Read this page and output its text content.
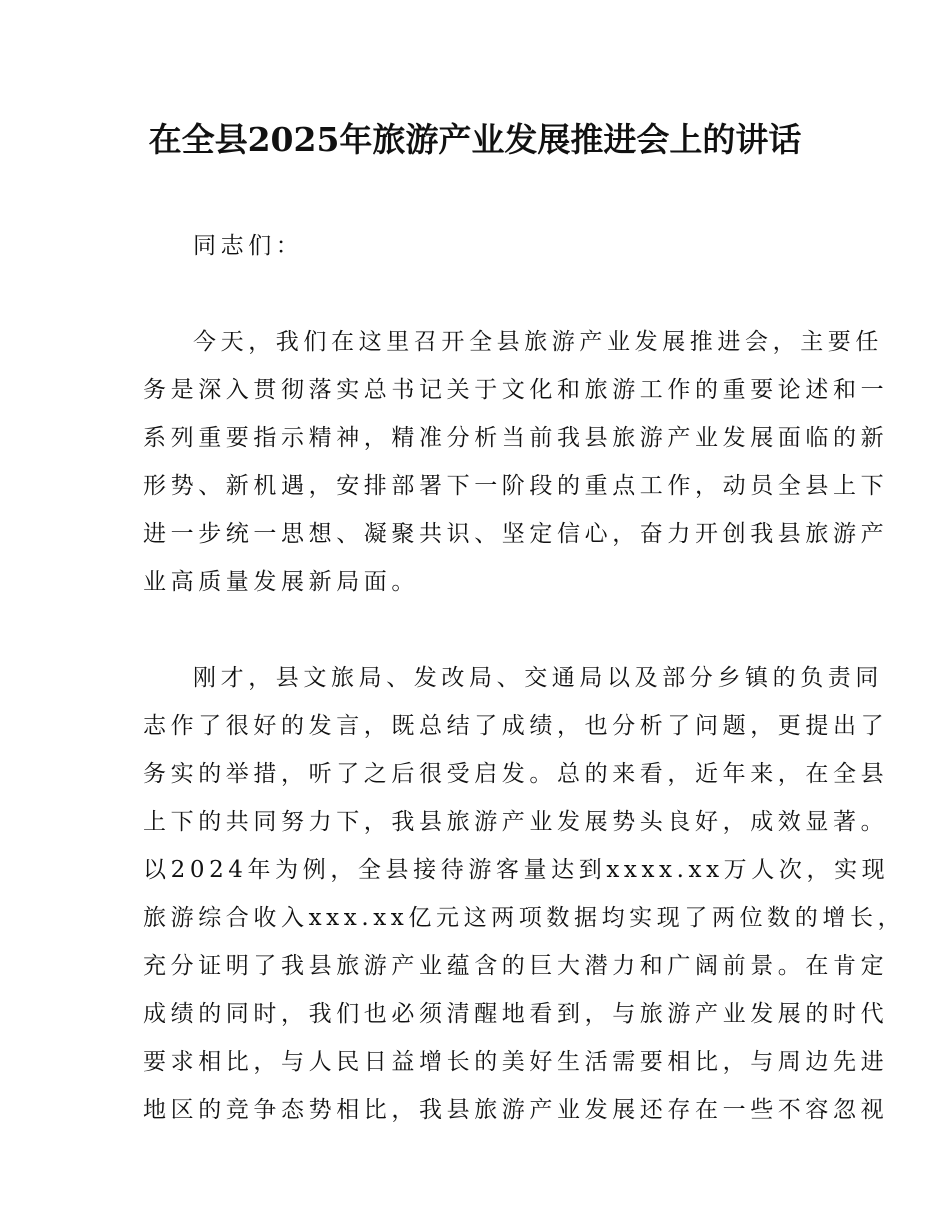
在全县2025年旅游产业发展推进会上的讲话
同志们：
今天，我们在这里召开全县旅游产业发展推进会，主要任
务是深入贯彻落实总书记关于文化和旅游工作的重要论述和一
系列重要指示精神，精准分析当前我县旅游产业发展面临的新
形势、新机遇，安排部署下一阶段的重点工作，动员全县上下
进一步统一思想、凝聚共识、坚定信心，奋力开创我县旅游产
业高质量发展新局面。
刚才，县文旅局、发改局、交通局以及部分乡镇的负责同
志作了很好的发言，既总结了成绩，也分析了问题，更提出了
务实的举措，听了之后很受启发。总的来看，近年来，在全县
上下的共同努力下，我县旅游产业发展势头良好，成效显著。
以2024年为例，全县接待游客量达到xxxx.xx万人次，实现
旅游综合收入xxx.xx亿元这两项数据均实现了两位数的增长，
充分证明了我县旅游产业蕴含的巨大潜力和广阔前景。在肯定
成绩的同时，我们也必须清醒地看到，与旅游产业发展的时代
要求相比，与人民日益增长的美好生活需要相比，与周边先进
地区的竞争态势相比，我县旅游产业发展还存在一些不容忽视
